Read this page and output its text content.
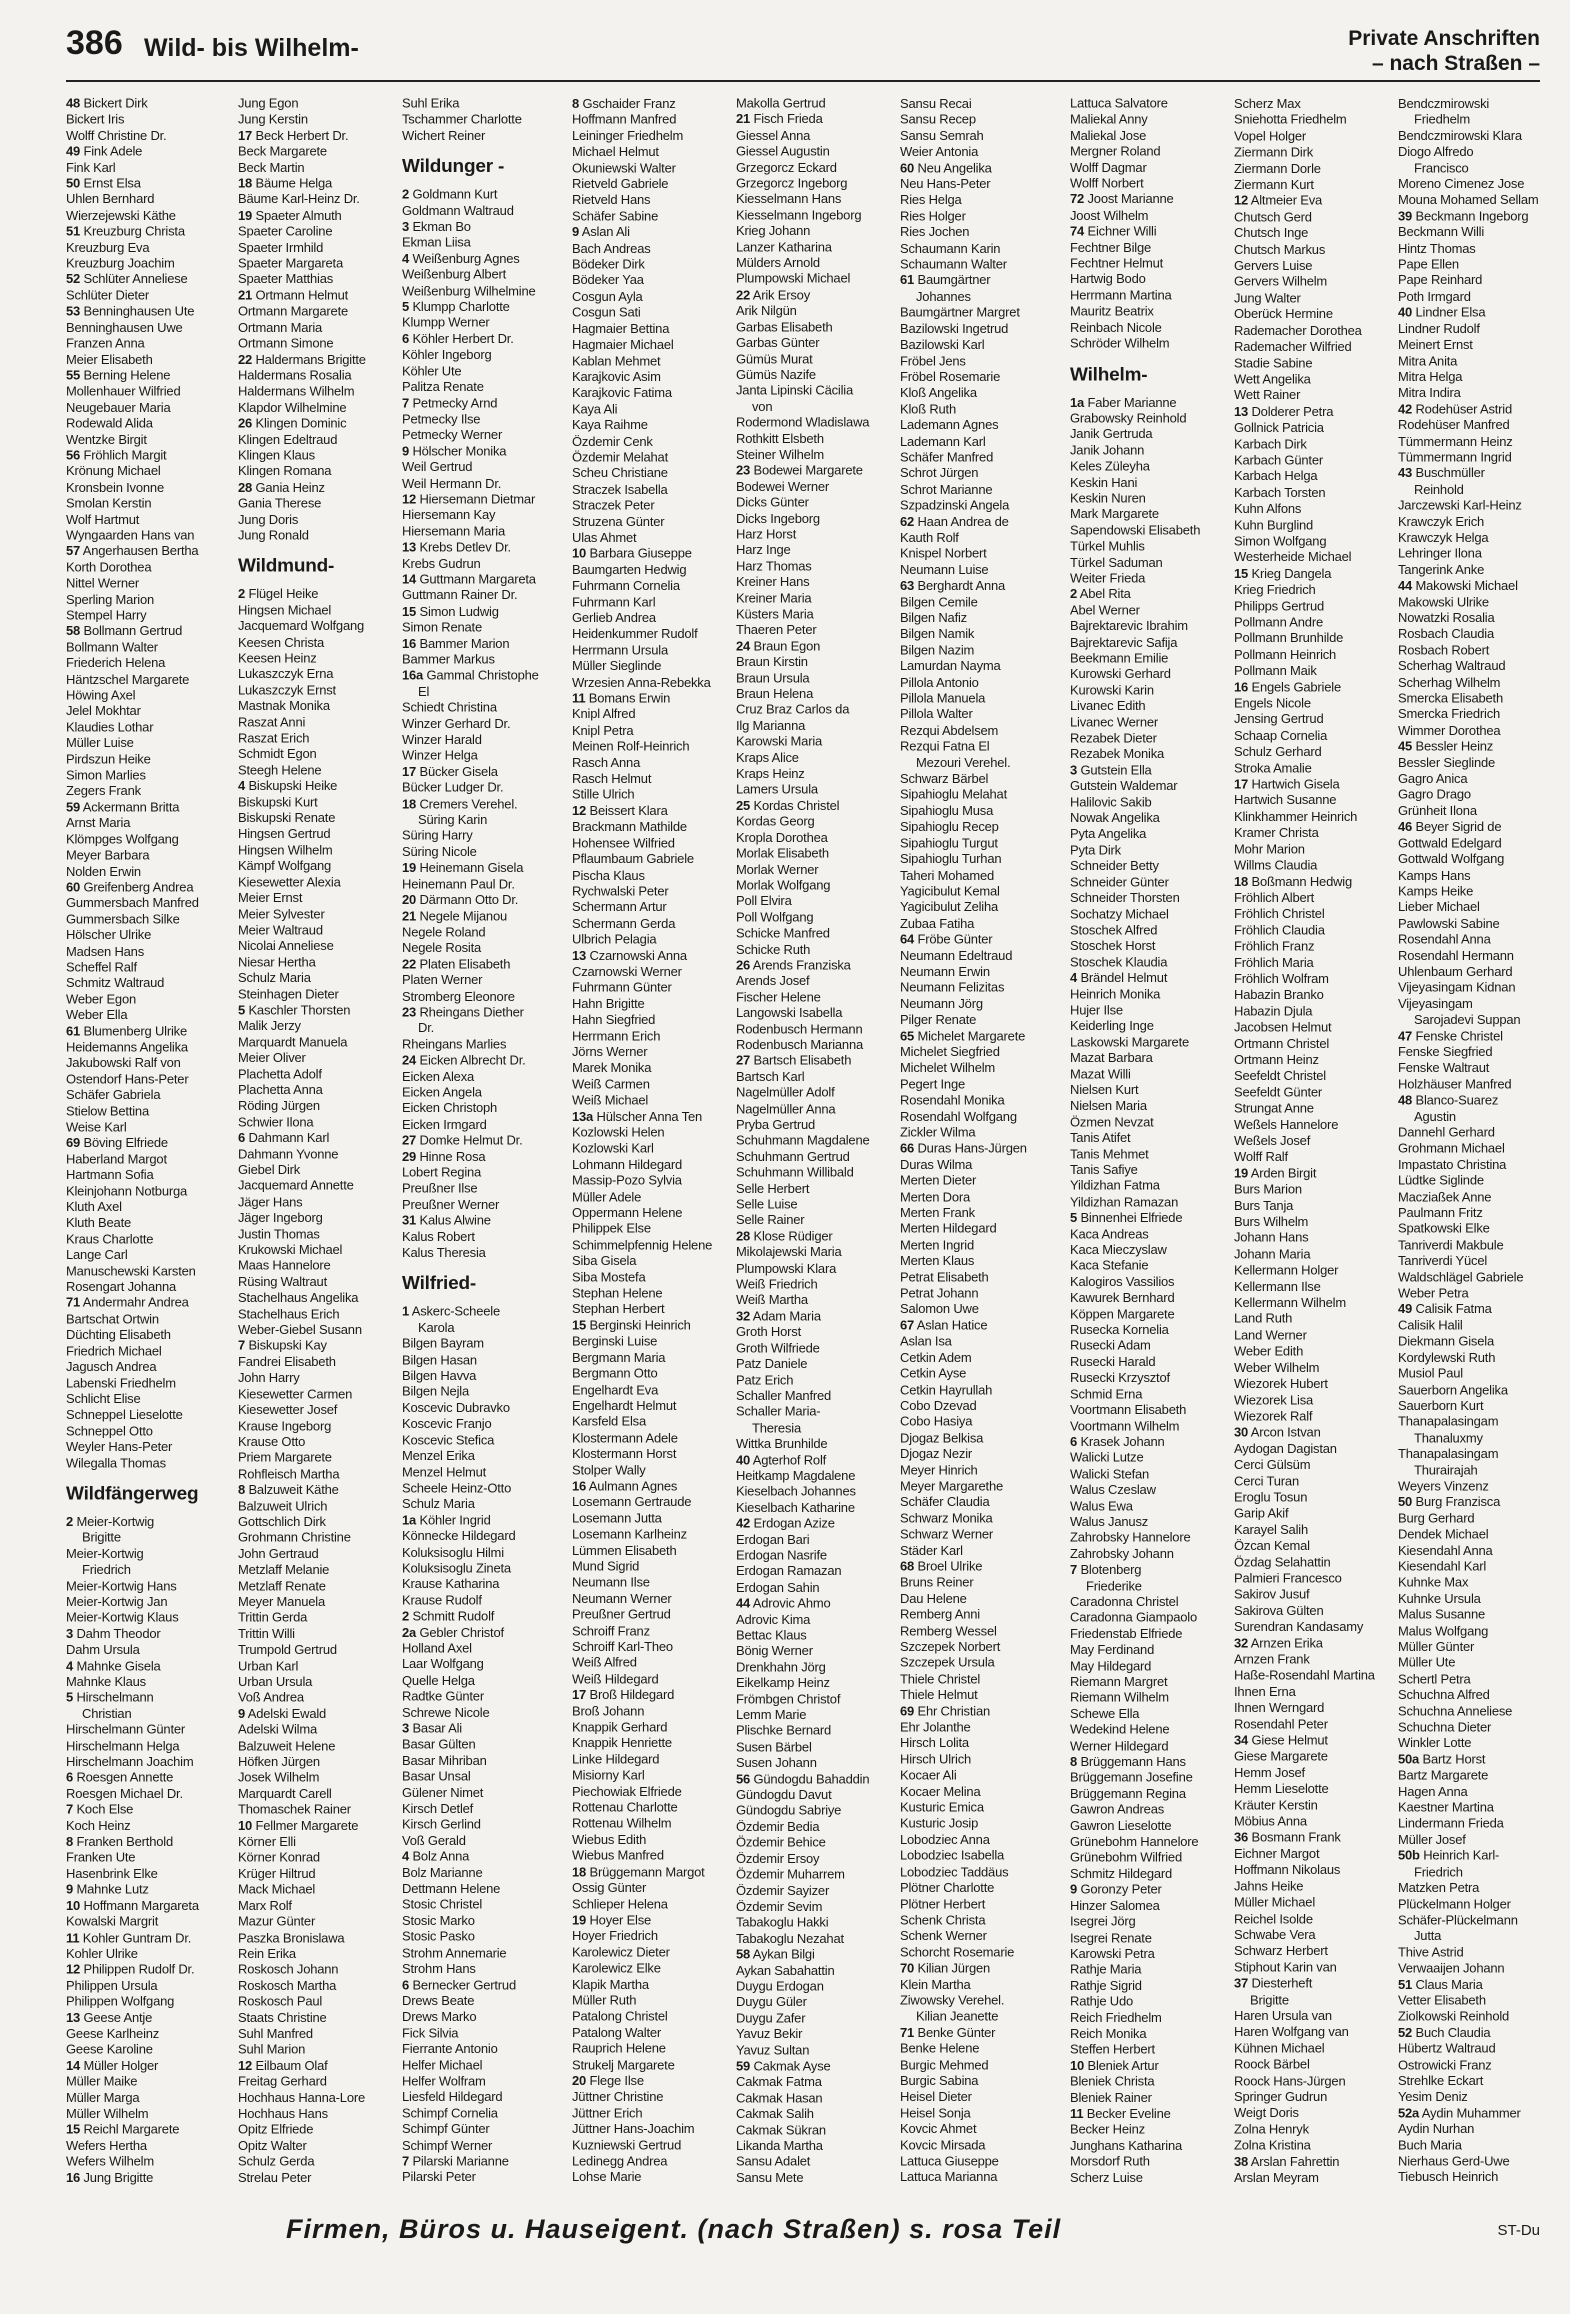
386 Wild- bis Wilhelm-	Private Anschriften
– nach Straßen –
48 Bickert Dirk
Bickert Iris
Wolff Christine Dr.
49 Fink Adele
Fink Karl
50 Ernst Elsa
Uhlen Bernhard
Wierzejewski Käthe
51 Kreuzburg Christa
Kreuzburg Eva
Kreuzburg Joachim
52 Schlüter Anneliese
Schlüter Dieter
53 Benninghausen Ute
Benninghausen Uwe
Franzen Anna
Meier Elisabeth
55 Berning Helene
Mollenhauer Wilfried
Neugebauer Maria
Rodewald Alida
Wentzke Birgit
56 Fröhlich Margit
Krönung Michael
Kronsbein Ivonne
Smolan Kerstin
Wolf Hartmut
Wyngaarden Hans van
57 Angerhausen Bertha
Korth Dorothea
Nittel Werner
Sperling Marion
Stempel Harry
58 Bollmann Gertrud
Bollmann Walter
Friederich Helena
Häntzschel Margarete
Höwing Axel
Jelel Mokhtar
Klaudies Lothar
Müller Luise
Pirdszun Heike
Simon Marlies
Zegers Frank
59 Ackermann Britta
Arnst Maria
Klömpges Wolfgang
Meyer Barbara
Nolden Erwin
60 Greifenberg Andrea
Gummersbach Manfred
Gummersbach Silke
Hölscher Ulrike
Madsen Hans
Scheffel Ralf
Schmitz Waltraud
Weber Egon
Weber Ella
61 Blumenberg Ulrike
Heidemanns Angelika
Jakubowski Ralf von
Ostendorf Hans-Peter
Schäfer Gabriela
Stielow Bettina
Weise Karl
69 Böving Elfriede
Haberland Margot
Hartmann Sofia
Kleinjohann Notburga
Kluth Axel
Kluth Beate
Kraus Charlotte
Lange Carl
Manuschewski Karsten
Rosengart Johanna
71 Andermahr Andrea
Bartschat Ortwin
Düchting Elisabeth
Friedrich Michael
Jagusch Andrea
Labenski Friedhelm
Schlicht Elise
Schneppel Lieselotte
Schneppel Otto
Weyler Hans-Peter
Wilegalla Thomas
Wildfängerweg
2 Meier-Kortwig
Brigitte
Meier-Kortwig
Friedrich
Meier-Kortwig Hans
Meier-Kortwig Jan
Meier-Kortwig Klaus
3 Dahm Theodor
Dahm Ursula
4 Mahnke Gisela
Mahnke Klaus
5 Hirschelmann
Christian
Hirschelmann Günter
Hirschelmann Helga
Hirschelmann Joachim
6 Roesgen Annette
Roesgen Michael Dr.
7 Koch Else
Koch Heinz
8 Franken Berthold
Franken Ute
Hasenbrink Elke
9 Mahnke Lutz
10 Hoffmann Margareta
Kowalski Margrit
11 Kohler Guntram Dr.
Kohler Ulrike
12 Philippen Rudolf Dr.
Philippen Ursula
Philippen Wolfgang
13 Geese Antje
Geese Karlheinz
Geese Karoline
14 Müller Holger
Müller Maike
Müller Marga
Müller Wilhelm
15 Reichl Margarete
Wefers Hertha
Wefers Wilhelm
16 Jung Brigitte
Jung Egon
Jung Kerstin
17 Beck Herbert Dr.
Beck Margarete
Beck Martin
18 Bäume Helga
Bäume Karl-Heinz Dr.
19 Spaeter Almuth
Spaeter Caroline
Spaeter Irmhild
Spaeter Margareta
Spaeter Matthias
21 Ortmann Helmut
Ortmann Margarete
Ortmann Maria
Ortmann Simone
22 Haldermans Brigitte
Haldermans Rosalia
Haldermans Wilhelm
Klapdor Wilhelmine
26 Klingen Dominic
Klingen Edeltraud
Klingen Klaus
Klingen Romana
28 Gania Heinz
Gania Therese
Jung Doris
Jung Ronald
Wildmund-
2 Flügel Heike
Hingsen Michael
Jacquemard Wolfgang
Keesen Christa
Keesen Heinz
Lukaszczyk Erna
Lukaszczyk Ernst
Mastnak Monika
Raszat Anni
Raszat Erich
Schmidt Egon
Steegh Helene
4 Biskupski Heike
Biskupski Kurt
Biskupski Renate
Hingsen Gertrud
Hingsen Wilhelm
Kämpf Wolfgang
Kiesewetter Alexia
Meier Ernst
Meier Sylvester
Meier Waltraud
Nicolai Anneliese
Niesar Hertha
Schulz Maria
Steinhagen Dieter
5 Kaschler Thorsten
Malik Jerzy
Marquardt Manuela
Meier Oliver
Plachetta Adolf
Plachetta Anna
Röding Jürgen
Schwier Ilona
6 Dahmann Karl
Dahmann Yvonne
Giebel Dirk
Jacquemard Annette
Jäger Hans
Jäger Ingeborg
Justin Thomas
Krukowski Michael
Maas Hannelore
Rüsing Waltraut
Stachelhaus Angelika
Stachelhaus Erich
Weber-Giebel Susann
7 Biskupski Kay
Fandrei Elisabeth
John Harry
Kiesewetter Carmen
Kiesewetter Josef
Krause Ingeborg
Krause Otto
Priem Margarete
Rohfleisch Martha
8 Balzuweit Käthe
Balzuweit Ulrich
Gottschlich Dirk
Grohmann Christine
John Gertraud
Metzlaff Melanie
Metzlaff Renate
Meyer Manuela
Trittin Gerda
Trittin Willi
Trumpold Gertrud
Urban Karl
Urban Ursula
Voß Andrea
9 Adelski Ewald
Adelski Wilma
Balzuweit Helene
Höfken Jürgen
Josek Wilhelm
Marquardt Carell
Thomaschek Rainer
10 Fellmer Margarete
Körner Elli
Körner Konrad
Krüger Hiltrud
Mack Michael
Marx Rolf
Mazur Günter
Paszka Bronislawa
Rein Erika
Roskosch Johann
Roskosch Martha
Roskosch Paul
Staats Christine
Suhl Manfred
Suhl Marion
12 Eilbaum Olaf
Freitag Gerhard
Hochhaus Hanna-Lore
Hochhaus Hans
Opitz Elfriede
Opitz Walter
Schulz Gerda
Strelau Peter
Suhl Erika
Tschammer Charlotte
Wichert Reiner
Wildunger -
2 Goldmann Kurt
Goldmann Waltraud
3 Ekman Bo
Ekman Liisa
4 Weißenburg Agnes
Weißenburg Albert
Weißenburg Wilhelmine
5 Klumpp Charlotte
Klumpp Werner
6 Köhler Herbert Dr.
Köhler Ingeborg
Köhler Ute
Palitza Renate
7 Petmecky Arnd
Petmecky Ilse
Petmecky Werner
9 Hölscher Monika
Weil Gertrud
Weil Hermann Dr.
12 Hiersemann Dietmar
Hiersemann Kay
Hiersemann Maria
13 Krebs Detlev Dr.
Krebs Gudrun
14 Guttmann Margareta
Guttmann Rainer Dr.
15 Simon Ludwig
Simon Renate
16 Bammer Marion
Bammer Markus
16a Gammal Christophe
El
Schiedt Christina
Winzer Gerhard Dr.
Winzer Harald
Winzer Helga
17 Bücker Gisela
Bücker Ludger Dr.
18 Cremers Verehel.
Süring Karin
Süring Harry
Süring Nicole
19 Heinemann Gisela
Heinemann Paul Dr.
20 Därmann Otto Dr.
21 Negele Mijanou
Negele Roland
Negele Rosita
22 Platen Elisabeth
Platen Werner
Stromberg Eleonore
23 Rheingans Diether
Dr.
Rheingans Marlies
24 Eicken Albrecht Dr.
Eicken Alexa
Eicken Angela
Eicken Christoph
Eicken Irmgard
27 Domke Helmut Dr.
29 Hinne Rosa
Lobert Regina
Preußner Ilse
Preußner Werner
31 Kalus Alwine
Kalus Robert
Kalus Theresia
Wilfried-
1 Askerc-Scheele
Karola
Bilgen Bayram
Bilgen Hasan
Bilgen Havva
Bilgen Nejla
Koscevic Dubravko
Koscevic Franjo
Koscevic Stefica
Menzel Erika
Menzel Helmut
Scheele Heinz-Otto
Schulz Maria
1a Köhler Ingrid
Könnecke Hildegard
Koluksisoglu Hilmi
Koluksisoglu Zineta
Krause Katharina
Krause Rudolf
2 Schmitt Rudolf
2a Gebler Christof
Holland Axel
Laar Wolfgang
Quelle Helga
Radtke Günter
Schrewe Nicole
3 Basar Ali
Basar Gülten
Basar Mihriban
Basar Unsal
Gülener Nimet
Kirsch Detlef
Kirsch Gerlind
Voß Gerald
4 Bolz Anna
Bolz Marianne
Dettmann Helene
Stosic Christel
Stosic Marko
Stosic Pasko
Strohm Annemarie
Strohm Hans
6 Bernecker Gertrud
Drews Beate
Drews Marko
Fick Silvia
Fierrante Antonio
Helfer Michael
Helfer Wolfram
Liesfeld Hildegard
Schimpf Cornelia
Schimpf Günter
Schimpf Werner
7 Pilarski Marianne
Pilarski Peter
8 Gschaider Franz
Hoffmann Manfred
Leininger Friedhelm
Michael Helmut
Okuniewski Walter
Rietveld Gabriele
Rietveld Hans
Schäfer Sabine
9 Aslan Ali
Bach Andreas
Bödeker Dirk
Bödeker Yaa
Cosgun Ayla
Cosgun Sati
Hagmaier Bettina
Hagmaier Michael
Kablan Mehmet
Karajkovic Asim
Karajkovic Fatima
Kaya Ali
Kaya Raihme
Özdemir Cenk
Özdemir Melahat
Scheu Christiane
Straczek Isabella
Straczek Peter
Struzena Günter
Ulas Ahmet
10 Barbara Giuseppe
Baumgarten Hedwig
Fuhrmann Cornelia
Fuhrmann Karl
Gerlieb Andrea
Heidenkummer Rudolf
Herrmann Ursula
Müller Sieglinde
Wrzesien Anna-Rebekka
11 Bomans Erwin
Knipl Alfred
Knipl Petra
Meinen Rolf-Heinrich
Rasch Anna
Rasch Helmut
Stille Ulrich
12 Beissert Klara
Brackmann Mathilde
Hohensee Wilfried
Pflaumbaum Gabriele
Pischa Klaus
Rychwalski Peter
Schermann Artur
Schermann Gerda
Ulbrich Pelagia
13 Czarnowski Anna
Czarnowski Werner
Fuhrmann Günter
Hahn Brigitte
Hahn Siegfried
Herrmann Erich
Jörns Werner
Marek Monika
Weiß Carmen
Weiß Michael
13a Hülscher Anna Ten
Kozlowski Helen
Kozlowski Karl
Lohmann Hildegard
Massip-Pozo Sylvia
Müller Adele
Oppermann Helene
Philippek Else
Schimmelpfennig Helene
Siba Gisela
Siba Mostefa
Stephan Helene
Stephan Herbert
15 Berginski Heinrich
Berginski Luise
Bergmann Maria
Bergmann Otto
Engelhardt Eva
Engelhardt Helmut
Karsfeld Elsa
Klostermann Adele
Klostermann Horst
Stolper Wally
16 Aulmann Agnes
Losemann Gertraude
Losemann Jutta
Losemann Karlheinz
Lümmen Elisabeth
Mund Sigrid
Neumann Ilse
Neumann Werner
Preußner Gertrud
Schroiff Franz
Schroiff Karl-Theo
Weiß Alfred
Weiß Hildegard
17 Broß Hildegard
Broß Johann
Knappik Gerhard
Knappik Henriette
Linke Hildegard
Misiorny Karl
Piechowiak Elfriede
Rottenau Charlotte
Rottenau Wilhelm
Wiebus Edith
Wiebus Manfred
18 Brüggemann Margot
Ossig Günter
Schlieper Helena
19 Hoyer Else
Hoyer Friedrich
Karolewicz Dieter
Karolewicz Elke
Klapik Martha
Müller Ruth
Patalong Christel
Patalong Walter
Rauprich Helene
Strukelj Margarete
20 Flege Ilse
Jüttner Christine
Jüttner Erich
Jüttner Hans-Joachim
Kuzniewski Gertrud
Ledinegg Andrea
Lohse Marie
Makolla Gertrud
21 Fisch Frieda
Giessel Anna
Giessel Augustin
Grzegorcz Eckard
Grzegorcz Ingeborg
Kiesselmann Hans
Kiesselmann Ingeborg
Krieg Johann
Lanzer Katharina
Mülders Arnold
Plumpowski Michael
22 Arik Ersoy
Arik Nilgün
Garbas Elisabeth
Garbas Günter
Gümüs Murat
Gümüs Nazife
Janta Lipinski Cäcilia
von
Rodermond Wladislawa
Rothkitt Elsbeth
Steiner Wilhelm
23 Bodewei Margarete
Bodewei Werner
Dicks Günter
Dicks Ingeborg
Harz Horst
Harz Inge
Harz Thomas
Kreiner Hans
Kreiner Maria
Küsters Maria
Thaeren Peter
24 Braun Egon
Braun Kirstin
Braun Ursula
Braun Helena
Cruz Braz Carlos da
Ilg Marianna
Karowski Maria
Kraps Alice
Kraps Heinz
Lamers Ursula
25 Kordas Christel
Kordas Georg
Kropla Dorothea
Morlak Elisabeth
Morlak Werner
Morlak Wolfgang
Poll Elvira
Poll Wolfgang
Schicke Manfred
Schicke Ruth
26 Arends Franziska
Arends Josef
Fischer Helene
Langowski Isabella
Rodenbusch Hermann
Rodenbusch Marianna
27 Bartsch Elisabeth
Bartsch Karl
Nagelmüller Adolf
Nagelmüller Anna
Pryba Gertrud
Schuhmann Magdalene
Schuhmann Gertrud
Schuhmann Willibald
Selle Herbert
Selle Luise
Selle Rainer
28 Klose Rüdiger
Mikolajewski Maria
Plumpowski Klara
Weiß Friedrich
Weiß Martha
32 Adam Maria
Groth Horst
Groth Wilfriede
Patz Daniele
Patz Erich
Schaller Manfred
Schaller Maria-
Theresia
Wittka Brunhilde
40 Agterhof Rolf
Heitkamp Magdalene
Kieselbach Johannes
Kieselbach Katharine
42 Erdogan Azize
Erdogan Bari
Erdogan Nasrife
Erdogan Ramazan
Erdogan Sahin
44 Adrovic Ahmo
Adrovic Kima
Bettac Klaus
Bönig Werner
Drenkhahn Jörg
Eikelkamp Heinz
Frömbgen Christof
Lemm Marie
Plischke Bernard
Susen Bärbel
Susen Johann
56 Gündogdu Bahaddin
Gündogdu Davut
Gündogdu Sabriye
Özdemir Bedia
Özdemir Behice
Özdemir Ersoy
Özdemir Muharrem
Özdemir Sayizer
Özdemir Sevim
Tabakoglu Hakki
Tabakoglu Nezahat
58 Aykan Bilgi
Aykan Sabahattin
Duygu Erdogan
Duygu Güler
Duygu Zafer
Yavuz Bekir
Yavuz Sultan
59 Cakmak Ayse
Cakmak Fatma
Cakmak Hasan
Cakmak Salih
Cakmak Sükran
Likanda Martha
Sansu Adalet
Sansu Mete
Sansu Recai
Sansu Recep
Sansu Semrah
Weier Antonia
60 Neu Angelika
Neu Hans-Peter
Ries Helga
Ries Holger
Ries Jochen
Schaumann Karin
Schaumann Walter
61 Baumgärtner
Johannes
Baumgärtner Margret
Bazilowski Ingetrud
Bazilowski Karl
Fröbel Jens
Fröbel Rosemarie
Kloß Angelika
Kloß Ruth
Lademann Agnes
Lademann Karl
Schäfer Manfred
Schrot Jürgen
Schrot Marianne
Szpadzinski Angela
62 Haan Andrea de
Kauth Rolf
Knispel Norbert
Neumann Luise
63 Berghardt Anna
Bilgen Cemile
Bilgen Nafiz
Bilgen Namik
Bilgen Nazim
Lamurdan Nayma
Pillola Antonio
Pillola Manuela
Pillola Walter
Rezqui Abdelsem
Rezqui Fatna El
Mezouri Verehel.
Schwarz Bärbel
Sipahioglu Melahat
Sipahioglu Musa
Sipahioglu Recep
Sipahioglu Turgut
Sipahioglu Turhan
Taheri Mohamed
Yagicibulut Kemal
Yagicibulut Zeliha
Zubaa Fatiha
64 Fröbe Günter
Neumann Edeltraud
Neumann Erwin
Neumann Felizitas
Neumann Jörg
Pilger Renate
65 Michelet Margarete
Michelet Siegfried
Michelet Wilhelm
Pegert Inge
Rosendahl Monika
Rosendahl Wolfgang
Zickler Wilma
66 Duras Hans-Jürgen
Duras Wilma
Merten Dieter
Merten Dora
Merten Frank
Merten Hildegard
Merten Ingrid
Merten Klaus
Petrat Elisabeth
Petrat Johann
Salomon Uwe
67 Aslan Hatice
Aslan Isa
Cetkin Adem
Cetkin Ayse
Cetkin Hayrullah
Cobo Dzevad
Cobo Hasiya
Djogaz Belkisa
Djogaz Nezir
Meyer Hinrich
Meyer Margarethe
Schäfer Claudia
Schwarz Monika
Schwarz Werner
Städer Karl
68 Broel Ulrike
Bruns Reiner
Dau Helene
Remberg Anni
Remberg Wessel
Szczepek Norbert
Szczepek Ursula
Thiele Christel
Thiele Helmut
69 Ehr Christian
Ehr Jolanthe
Hirsch Lolita
Hirsch Ulrich
Kocaer Ali
Kocaer Melina
Kusturic Emica
Kusturic Josip
Lobodziec Anna
Lobodziec Isabella
Lobodziec Taddäus
Plötner Charlotte
Plötner Herbert
Schenk Christa
Schenk Werner
Schorcht Rosemarie
70 Kilian Jürgen
Klein Martha
Ziwowsky Verehel.
Kilian Jeanette
71 Benke Günter
Benke Helene
Burgic Mehmed
Burgic Sabina
Heisel Dieter
Heisel Sonja
Kovcic Ahmet
Kovcic Mirsada
Lattuca Giuseppe
Lattuca Marianna
Lattuca Salvatore
Maliekal Anny
Maliekal Jose
Mergner Roland
Wolff Dagmar
Wolff Norbert
72 Joost Marianne
Joost Wilhelm
74 Eichner Willi
Fechtner Bilge
Fechtner Helmut
Hartwig Bodo
Herrmann Martina
Mauritz Beatrix
Reinbach Nicole
Schröder Wilhelm
Wilhelm-
1a Faber Marianne
Grabowsky Reinhold
Janik Gertruda
Janik Johann
Keles Züleyha
Keskin Hani
Keskin Nuren
Mark Margarete
Sapendowski Elisabeth
Türkel Muhlis
Türkel Saduman
Weiter Frieda
2 Abel Rita
Abel Werner
Bajrektarevic Ibrahim
Bajrektarevic Safija
Beekmann Emilie
Kurowski Gerhard
Kurowski Karin
Livanec Edith
Livanec Werner
Rezabek Dieter
Rezabek Monika
3 Gutstein Ella
Gutstein Waldemar
Halilovic Sakib
Nowak Angelika
Pyta Angelika
Pyta Dirk
Schneider Betty
Schneider Günter
Schneider Thorsten
Sochatzy Michael
Stoschek Alfred
Stoschek Horst
Stoschek Klaudia
4 Brändel Helmut
Heinrich Monika
Hujer Ilse
Keiderling Inge
Laskowski Margarete
Mazat Barbara
Mazat Willi
Nielsen Kurt
Nielsen Maria
Özmen Nevzat
Tanis Atifet
Tanis Mehmet
Tanis Safiye
Yildizhan Fatma
Yildizhan Ramazan
5 Binnenhei Elfriede
Kaca Andreas
Kaca Mieczyslaw
Kaca Stefanie
Kalogiros Vassilios
Kawurek Bernhard
Köppen Margarete
Rusecka Kornelia
Rusecki Adam
Rusecki Harald
Rusecki Krzysztof
Schmid Erna
Voortmann Elisabeth
Voortmann Wilhelm
6 Krasek Johann
Walicki Lutze
Walicki Stefan
Walus Czeslaw
Walus Ewa
Walus Janusz
Zahrobsky Hannelore
Zahrobsky Johann
7 Blotenberg
Friederike
Caradonna Christel
Caradonna Giampaolo
Friedenstab Elfriede
May Ferdinand
May Hildegard
Riemann Margret
Riemann Wilhelm
Schewe Ella
Wedekind Helene
Werner Hildegard
8 Brüggemann Hans
Brüggemann Josefine
Brüggemann Regina
Gawron Andreas
Gawron Lieselotte
Grünebohm Hannelore
Grünebohm Wilfried
Schmitz Hildegard
9 Goronzy Peter
Hinzer Salomea
Isegrei Jörg
Isegrei Renate
Karowski Petra
Rathje Maria
Rathje Sigrid
Rathje Udo
Reich Friedhelm
Reich Monika
Steffen Herbert
10 Bleniek Artur
Bleniek Christa
Bleniek Rainer
11 Becker Eveline
Becker Heinz
Junghans Katharina
Morsdorf Ruth
Scherz Luise
Scherz Max
Sniehotta Friedhelm
Vopel Holger
Ziermann Dirk
Ziermann Dorle
Ziermann Kurt
12 Altmeier Eva
Chutsch Gerd
Chutsch Inge
Chutsch Markus
Gervers Luise
Gervers Wilhelm
Jung Walter
Oberück Hermine
Rademacher Dorothea
Rademacher Wilfried
Stadie Sabine
Wett Angelika
Wett Rainer
13 Dolderer Petra
Gollnick Patricia
Karbach Dirk
Karbach Günter
Karbach Helga
Karbach Torsten
Kuhn Alfons
Kuhn Burglind
Simon Wolfgang
Westerheide Michael
15 Krieg Dangela
Krieg Friedrich
Philipps Gertrud
Pollmann Andre
Pollmann Brunhilde
Pollmann Heinrich
Pollmann Maik
16 Engels Gabriele
Engels Nicole
Jensing Gertrud
Schaap Cornelia
Schulz Gerhard
Stroka Amalie
17 Hartwich Gisela
Hartwich Susanne
Klinkhammer Heinrich
Kramer Christa
Mohr Marion
Willms Claudia
18 Boßmann Hedwig
Fröhlich Albert
Fröhlich Christel
Fröhlich Claudia
Fröhlich Franz
Fröhlich Maria
Fröhlich Wolfram
Habazin Branko
Habazin Djula
Jacobsen Helmut
Ortmann Christel
Ortmann Heinz
Seefeldt Christel
Seefeldt Günter
Strungat Anne
Weßels Hannelore
Weßels Josef
Wolff Ralf
19 Arden Birgit
Burs Marion
Burs Tanja
Burs Wilhelm
Johann Hans
Johann Maria
Kellermann Holger
Kellermann Ilse
Kellermann Wilhelm
Land Ruth
Land Werner
Weber Edith
Weber Wilhelm
Wiezorek Hubert
Wiezorek Lisa
Wiezorek Ralf
30 Arcon Istvan
Aydogan Dagistan
Cerci Gülsüm
Cerci Turan
Eroglu Tosun
Garip Akif
Karayel Salih
Özcan Kemal
Özdag Selahattin
Palmieri Francesco
Sakirov Jusuf
Sakirova Gülten
Surendran Kandasamy
32 Arnzen Erika
Arnzen Frank
Haße-Rosendahl Martina
Ihnen Erna
Ihnen Werngard
Rosendahl Peter
34 Giese Helmut
Giese Margarete
Hemm Josef
Hemm Lieselotte
Kräuter Kerstin
Möbius Anna
36 Bosmann Frank
Eichner Margot
Hoffmann Nikolaus
Jahns Heike
Müller Michael
Reichel Isolde
Schwabe Vera
Schwarz Herbert
Stiphout Karin van
37 Diesterheft
Brigitte
Haren Ursula van
Haren Wolfgang van
Kühnen Michael
Roock Bärbel
Roock Hans-Jürgen
Springer Gudrun
Weigt Doris
Zolna Henryk
Zolna Kristina
38 Arslan Fahrettin
Arslan Meyram
Bendczmirowski
Friedhelm
Bendczmirowski Klara
Diogo Alfredo
Francisco
Moreno Cimenez Jose
Mouna Mohamed Sellam
39 Beckmann Ingeborg
Beckmann Willi
Hintz Thomas
Pape Ellen
Pape Reinhard
Poth Irmgard
40 Lindner Elsa
Lindner Rudolf
Meinert Ernst
Mitra Anita
Mitra Helga
Mitra Indira
42 Rodehüser Astrid
Rodehüser Manfred
Tümmermann Heinz
Tümmermann Ingrid
43 Buschmüller
Reinhold
Jarczewski Karl-Heinz
Krawczyk Erich
Krawczyk Helga
Lehringer Ilona
Tangerink Anke
44 Makowski Michael
Makowski Ulrike
Nowatzki Rosalia
Rosbach Claudia
Rosbach Robert
Scherhag Waltraud
Scherhag Wilhelm
Smercka Elisabeth
Smercka Friedrich
Wimmer Dorothea
45 Bessler Heinz
Bessler Sieglinde
Gagro Anica
Gagro Drago
Grünheit Ilona
46 Beyer Sigrid de
Gottwald Edelgard
Gottwald Wolfgang
Kamps Hans
Kamps Heike
Lieber Michael
Pawlowski Sabine
Rosendahl Anna
Rosendahl Hermann
Uhlenbaum Gerhard
Vijeyasingam Kidnan
Vijeyasingam
Sarojadevi Suppan
47 Fenske Christel
Fenske Siegfried
Fenske Waltraut
Holzhäuser Manfred
48 Blanco-Suarez
Agustin
Dannehl Gerhard
Grohmann Michael
Impastato Christina
Lüdtke Siglinde
Macziaßek Anne
Paulmann Fritz
Spatkowski Elke
Tanriverdi Makbule
Tanriverdi Yücel
Waldschlägel Gabriele
Weber Petra
49 Calisik Fatma
Calisik Halil
Diekmann Gisela
Kordylewski Ruth
Musiol Paul
Sauerborn Angelika
Sauerborn Kurt
Thanapalasingam
Thanaluxmy
Thanapalasingam
Thurairajah
Weyers Vinzenz
50 Burg Franzisca
Burg Gerhard
Dendek Michael
Kiesendahl Anna
Kiesendahl Karl
Kuhnke Max
Kuhnke Ursula
Malus Susanne
Malus Wolfgang
Müller Günter
Müller Ute
Schertl Petra
Schuchna Alfred
Schuchna Anneliese
Schuchna Dieter
Winkler Lotte
50a Bartz Horst
Bartz Margarete
Hagen Anna
Kaestner Martina
Lindermann Frieda
Müller Josef
50b Heinrich Karl-
Friedrich
Matzken Petra
Plückelmann Holger
Schäfer-Plückelmann
Jutta
Thive Astrid
Verwaaijen Johann
51 Claus Maria
Vetter Elisabeth
Ziolkowski Reinhold
52 Buch Claudia
Hübertz Waltraud
Ostrowicki Franz
Strehlke Eckart
Yesim Deniz
52a Aydin Muhammer
Aydin Nurhan
Buch Maria
Nierhaus Gerd-Uwe
Tiebusch Heinrich
Firmen, Büros u. Hauseigent. (nach Straßen) s. rosa Teil	ST-Du
